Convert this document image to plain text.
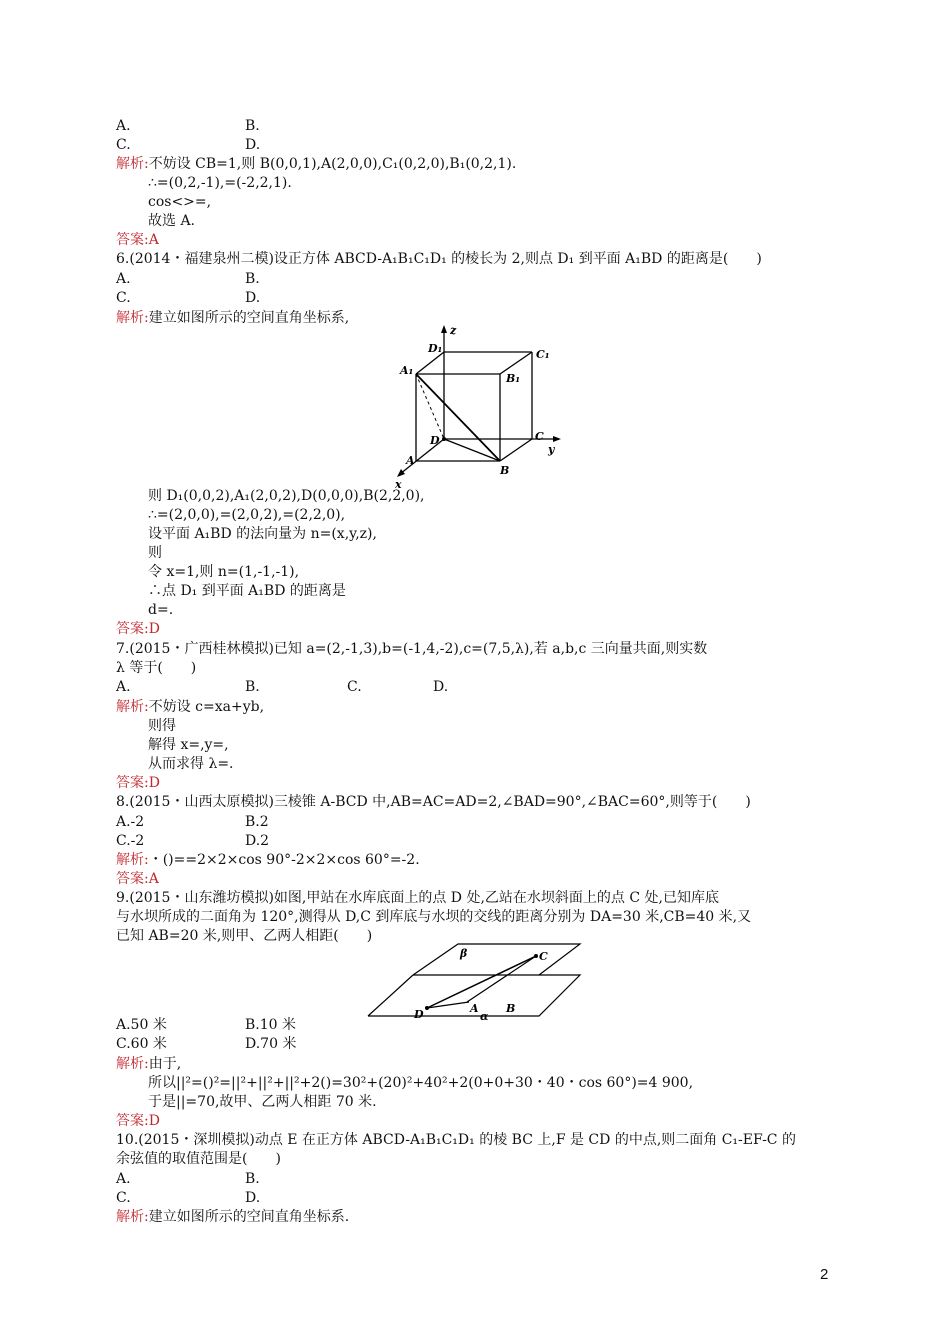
A.	B.
C.	D.
解析:不妨设 CB=1,则 B(0,0,1),A(2,0,0),C₁(0,2,0),B₁(0,2,1).
∴=(0,2,-1),=(-2,2,1).
cos<>=,
故选 A.
答案:A
6.(2014・福建泉州二模)设正方体 ABCD-A₁B₁C₁D₁ 的棱长为 2,则点 D₁ 到平面 A₁BD 的距离是(　　)
A.	B.
C.	D.
解析:建立如图所示的空间直角坐标系,
z
y
x
D₁	C₁
A₁
B₁
D	C
A
B
则 D₁(0,0,2),A₁(2,0,2),D(0,0,0),B(2,2,0),
∴=(2,0,0),=(2,0,2),=(2,2,0),
设平面 A₁BD 的法向量为 n=(x,y,z),
则
令 x=1,则 n=(1,-1,-1),
∴点 D₁ 到平面 A₁BD 的距离是
d=.
答案:D
7.(2015・广西桂林模拟)已知 a=(2,-1,3),b=(-1,4,-2),c=(7,5,λ),若 a,b,c 三向量共面,则实数
λ 等于(　　)
A.	B.	C.	D.
解析:不妨设 c=xa+yb,
则得
解得 x=,y=,
从而求得 λ=.
答案:D
8.(2015・山西太原模拟)三棱锥 A-BCD 中,AB=AC=AD=2,∠BAD=90°,∠BAC=60°,则等于(　　)
A.-2	B.2
C.-2	D.2
解析:・()==2×2×cos 90°-2×2×cos 60°=-2.
答案:A
9.(2015・山东潍坊模拟)如图,甲站在水库底面上的点 D 处,乙站在水坝斜面上的点 C 处,已知库底
与水坝所成的二面角为 120°,测得从 D,C 到库底与水坝的交线的距离分别为 DA=30 米,CB=40 米,又
已知 AB=20 米,则甲、乙两人相距(　　)
β
α
C
D	A B
A.50 米	B.10 米
C.60 米	D.70 米
解析:由于,
所以||²=()²=||²+||²+||²+2()=30²+(20)²+40²+2(0+0+30・40・cos 60°)=4 900,
于是||=70,故甲、乙两人相距 70 米.
答案:D
10.(2015・深圳模拟)动点 E 在正方体 ABCD-A₁B₁C₁D₁ 的棱 BC 上,F 是 CD 的中点,则二面角 C₁-EF-C 的
余弦值的取值范围是(　　)
A.	B.
C.	D.
解析:建立如图所示的空间直角坐标系.
2
